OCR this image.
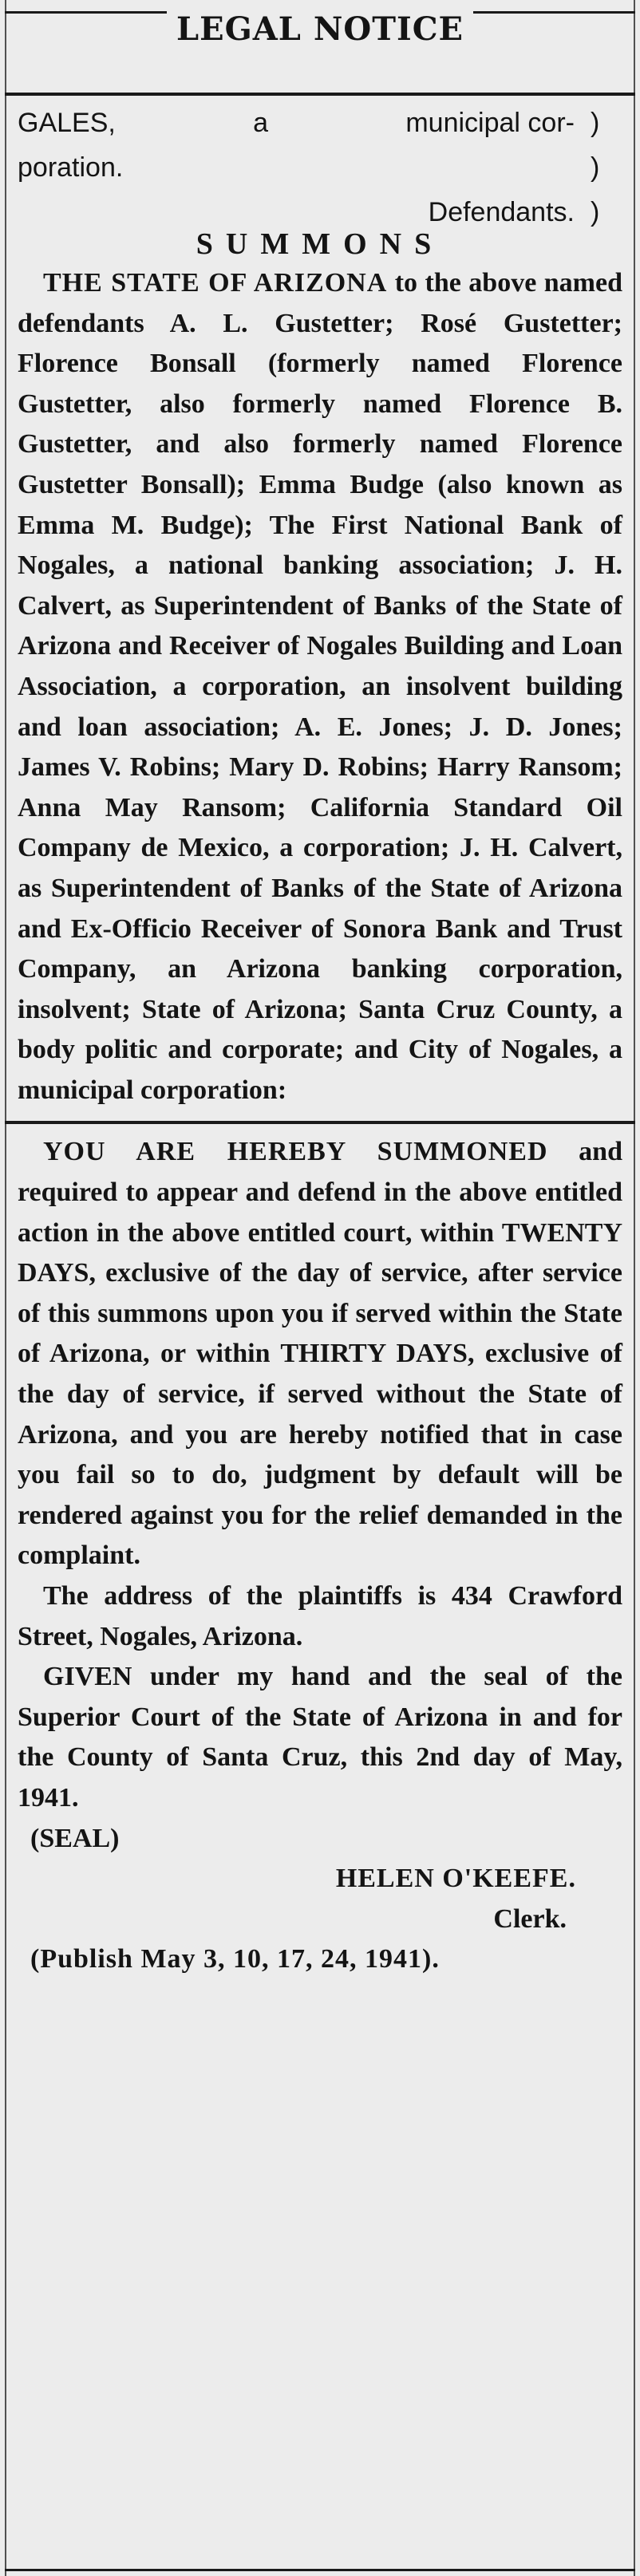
LEGAL NOTICE
GALES,	a	municipal cor- )
poration.	)
Defendants. )
SUMMONS

THE STATE OF ARIZONA to the above named defendants A. L. Gustetter; Rosé Gustetter; Florence Bonsall (formerly named Florence Gustetter, also formerly named Florence B. Gustetter, and also formerly named Florence Gustetter Bonsall); Emma Budge (also known as Emma M. Budge); The First National Bank of Nogales, a national banking association; J. H. Calvert, as Superintendent of Banks of the State of Arizona and Receiver of Nogales Building and Loan Association, a corporation, an insolvent building and loan association; A. E. Jones; J. D. Jones; James V. Robins; Mary D. Robins; Harry Ransom; Anna May Ransom; California Standard Oil Company de Mexico, a corporation; J. H. Calvert, as Superintendent of Banks of the State of Arizona and Ex-Officio Receiver of Sonora Bank and Trust Company, an Arizona banking corporation, insolvent; State of Arizona; Santa Cruz County, a body politic and corporate; and City of Nogales, a municipal corporation:

YOU ARE HEREBY SUMMONED and required to appear and defend in the above entitled action in the above entitled court, within TWENTY DAYS, exclusive of the day of service, after service of this summons upon you if served within the State of Arizona, or within THIRTY DAYS, exclusive of the day of service, if served without the State of Arizona, and you are hereby notified that in case you fail so to do, judgment by default will be rendered against you for the relief demanded in the complaint.

The address of the plaintiffs is 434 Crawford Street, Nogales, Arizona.

GIVEN under my hand and the seal of the Superior Court of the State of Arizona in and for the County of Santa Cruz, this 2nd day of May, 1941.

(SEAL)

HELEN O'KEEFE.

Clerk.

(Publish May 3, 10, 17, 24, 1941).
